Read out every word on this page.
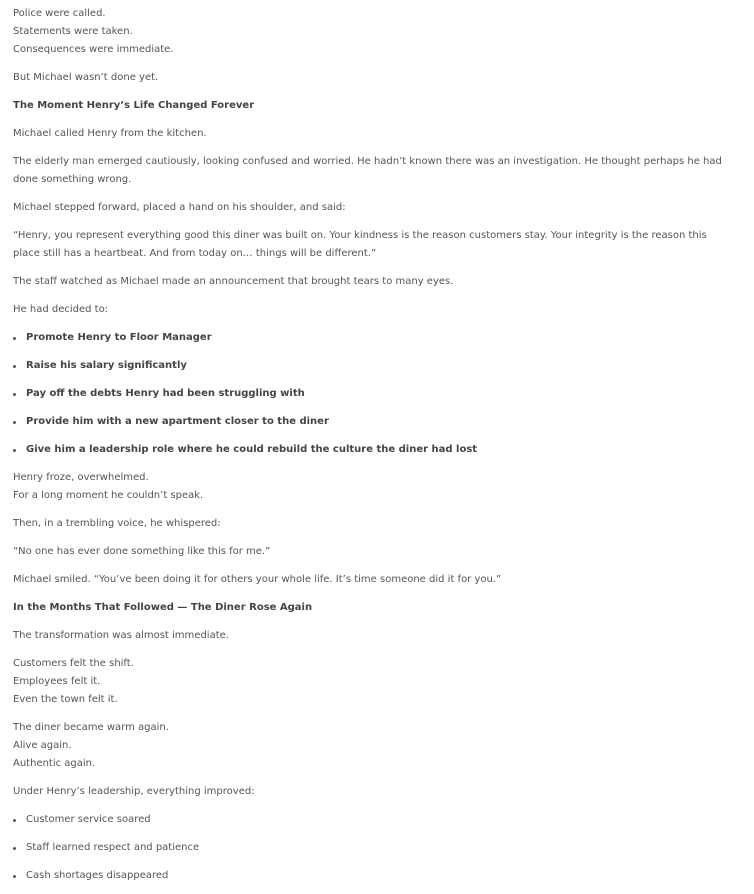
Police were called.
Statements were taken.
Consequences were immediate.

But Michael wasn’t done yet.

The Moment Henry’s Life Changed Forever

Michael called Henry from the kitchen.

The elderly man emerged cautiously, looking confused and worried. He hadn’t known there was an investigation. He thought perhaps he had done something wrong.

Michael stepped forward, placed a hand on his shoulder, and said:

“Henry, you represent everything good this diner was built on. Your kindness is the reason customers stay. Your integrity is the reason this place still has a heartbeat. And from today on… things will be different.”

The staff watched as Michael made an announcement that brought tears to many eyes.

He had decided to:

Promote Henry to Floor Manager
Raise his salary significantly
Pay off the debts Henry had been struggling with
Provide him with a new apartment closer to the diner
Give him a leadership role where he could rebuild the culture the diner had lost

Henry froze, overwhelmed.
For a long moment he couldn’t speak.

Then, in a trembling voice, he whispered:

“No one has ever done something like this for me.”

Michael smiled. “You’ve been doing it for others your whole life. It’s time someone did it for you.”

In the Months That Followed — The Diner Rose Again

The transformation was almost immediate.

Customers felt the shift.
Employees felt it.
Even the town felt it.

The diner became warm again.
Alive again.
Authentic again.

Under Henry’s leadership, everything improved:

Customer service soared
Staff learned respect and patience
Cash shortages disappeared
